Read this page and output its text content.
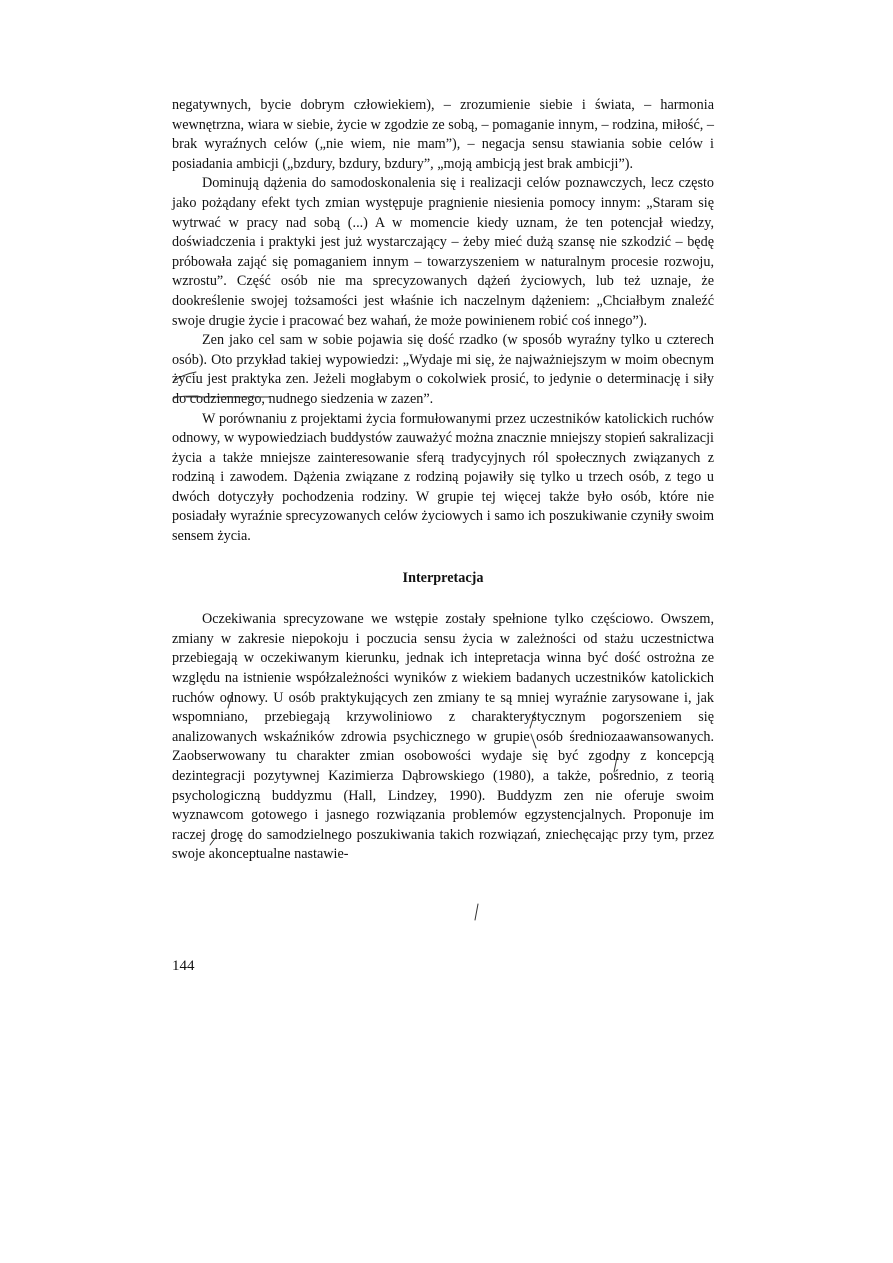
negatywnych, bycie dobrym człowiekiem), – zrozumienie siebie i świata, – harmonia wewnętrzna, wiara w siebie, życie w zgodzie ze sobą, – pomaganie innym, – rodzina, miłość, – brak wyraźnych celów („nie wiem, nie mam”), – negacja sensu stawiania sobie celów i posiadania ambicji („bzdury, bzdury, bzdury”, „moją ambicją jest brak ambicji”).

Dominują dążenia do samodoskonalenia się i realizacji celów poznawczych, lecz często jako pożądany efekt tych zmian występuje pragnienie niesienia pomocy innym: „Staram się wytrwać w pracy nad sobą (...) A w momencie kiedy uznam, że ten potencjał wiedzy, doświadczenia i praktyki jest już wystarczający – żeby mieć dużą szansę nie szkodzić – będę próbowała zająć się pomaganiem innym – towarzyszeniem w naturalnym procesie rozwoju, wzrostu”. Część osób nie ma sprecyzowanych dążeń życiowych, lub też uznaje, że dookreślenie swojej tożsamości jest właśnie ich naczelnym dążeniem: „Chciałbym znaleźć swoje drugie życie i pracować bez wahań, że może powinienem robić coś innego”).

Zen jako cel sam w sobie pojawia się dość rzadko (w sposób wyraźny tylko u czterech osób). Oto przykład takiej wypowiedzi: „Wydaje mi się, że najważniejszym w moim obecnym życiu jest praktyka zen. Jeżeli mogłabym o cokolwiek prosić, to jedynie o determinację i siły do codziennego, nudnego siedzenia w zazen”.

W porównaniu z projektami życia formułowanymi przez uczestników katolickich ruchów odnowy, w wypowiedziach buddystów zauważyć można znacznie mniejszy stopień sakralizacji życia a także mniejsze zainteresowanie sferą tradycyjnych ról społecznych związanych z rodziną i zawodem. Dążenia związane z rodziną pojawiły się tylko u trzech osób, z tego u dwóch dotyczyły pochodzenia rodziny. W grupie tej więcej także było osób, które nie posiadały wyraźnie sprecyzowanych celów życiowych i samo ich poszukiwanie czyniły swoim sensem życia.

Interpretacja

Oczekiwania sprecyzowane we wstępie zostały spełnione tylko częściowo. Owszem, zmiany w zakresie niepokoju i poczucia sensu życia w zależności od stażu uczestnictwa przebiegają w oczekiwanym kierunku, jednak ich intepretacja winna być dość ostrożna ze względu na istnienie współzależności wyników z wiekiem badanych uczestników katolickich ruchów odnowy. U osób praktykujących zen zmiany te są mniej wyraźnie zarysowane i, jak wspomniano, przebiegają krzywoliniowo z charakterystycznym pogorszeniem się analizowanych wskaźników zdrowia psychicznego w grupie osób średniozaawansowanych. Zaobserwowany tu charakter zmian osobowości wydaje się być zgodny z koncepcją dezintegracji pozytywnej Kazimierza Dąbrowskiego (1980), a także, pośrednio, z teorią psychologiczną buddyzmu (Hall, Lindzey, 1990). Buddyzm zen nie oferuje swoim wyznawcom gotowego i jasnego rozwiązania problemów egzystencjalnych. Proponuje im raczej drogę do samodzielnego poszukiwania takich rozwiązań, zniechęcając przy tym, przez swoje akonceptualne nastawie-

144
